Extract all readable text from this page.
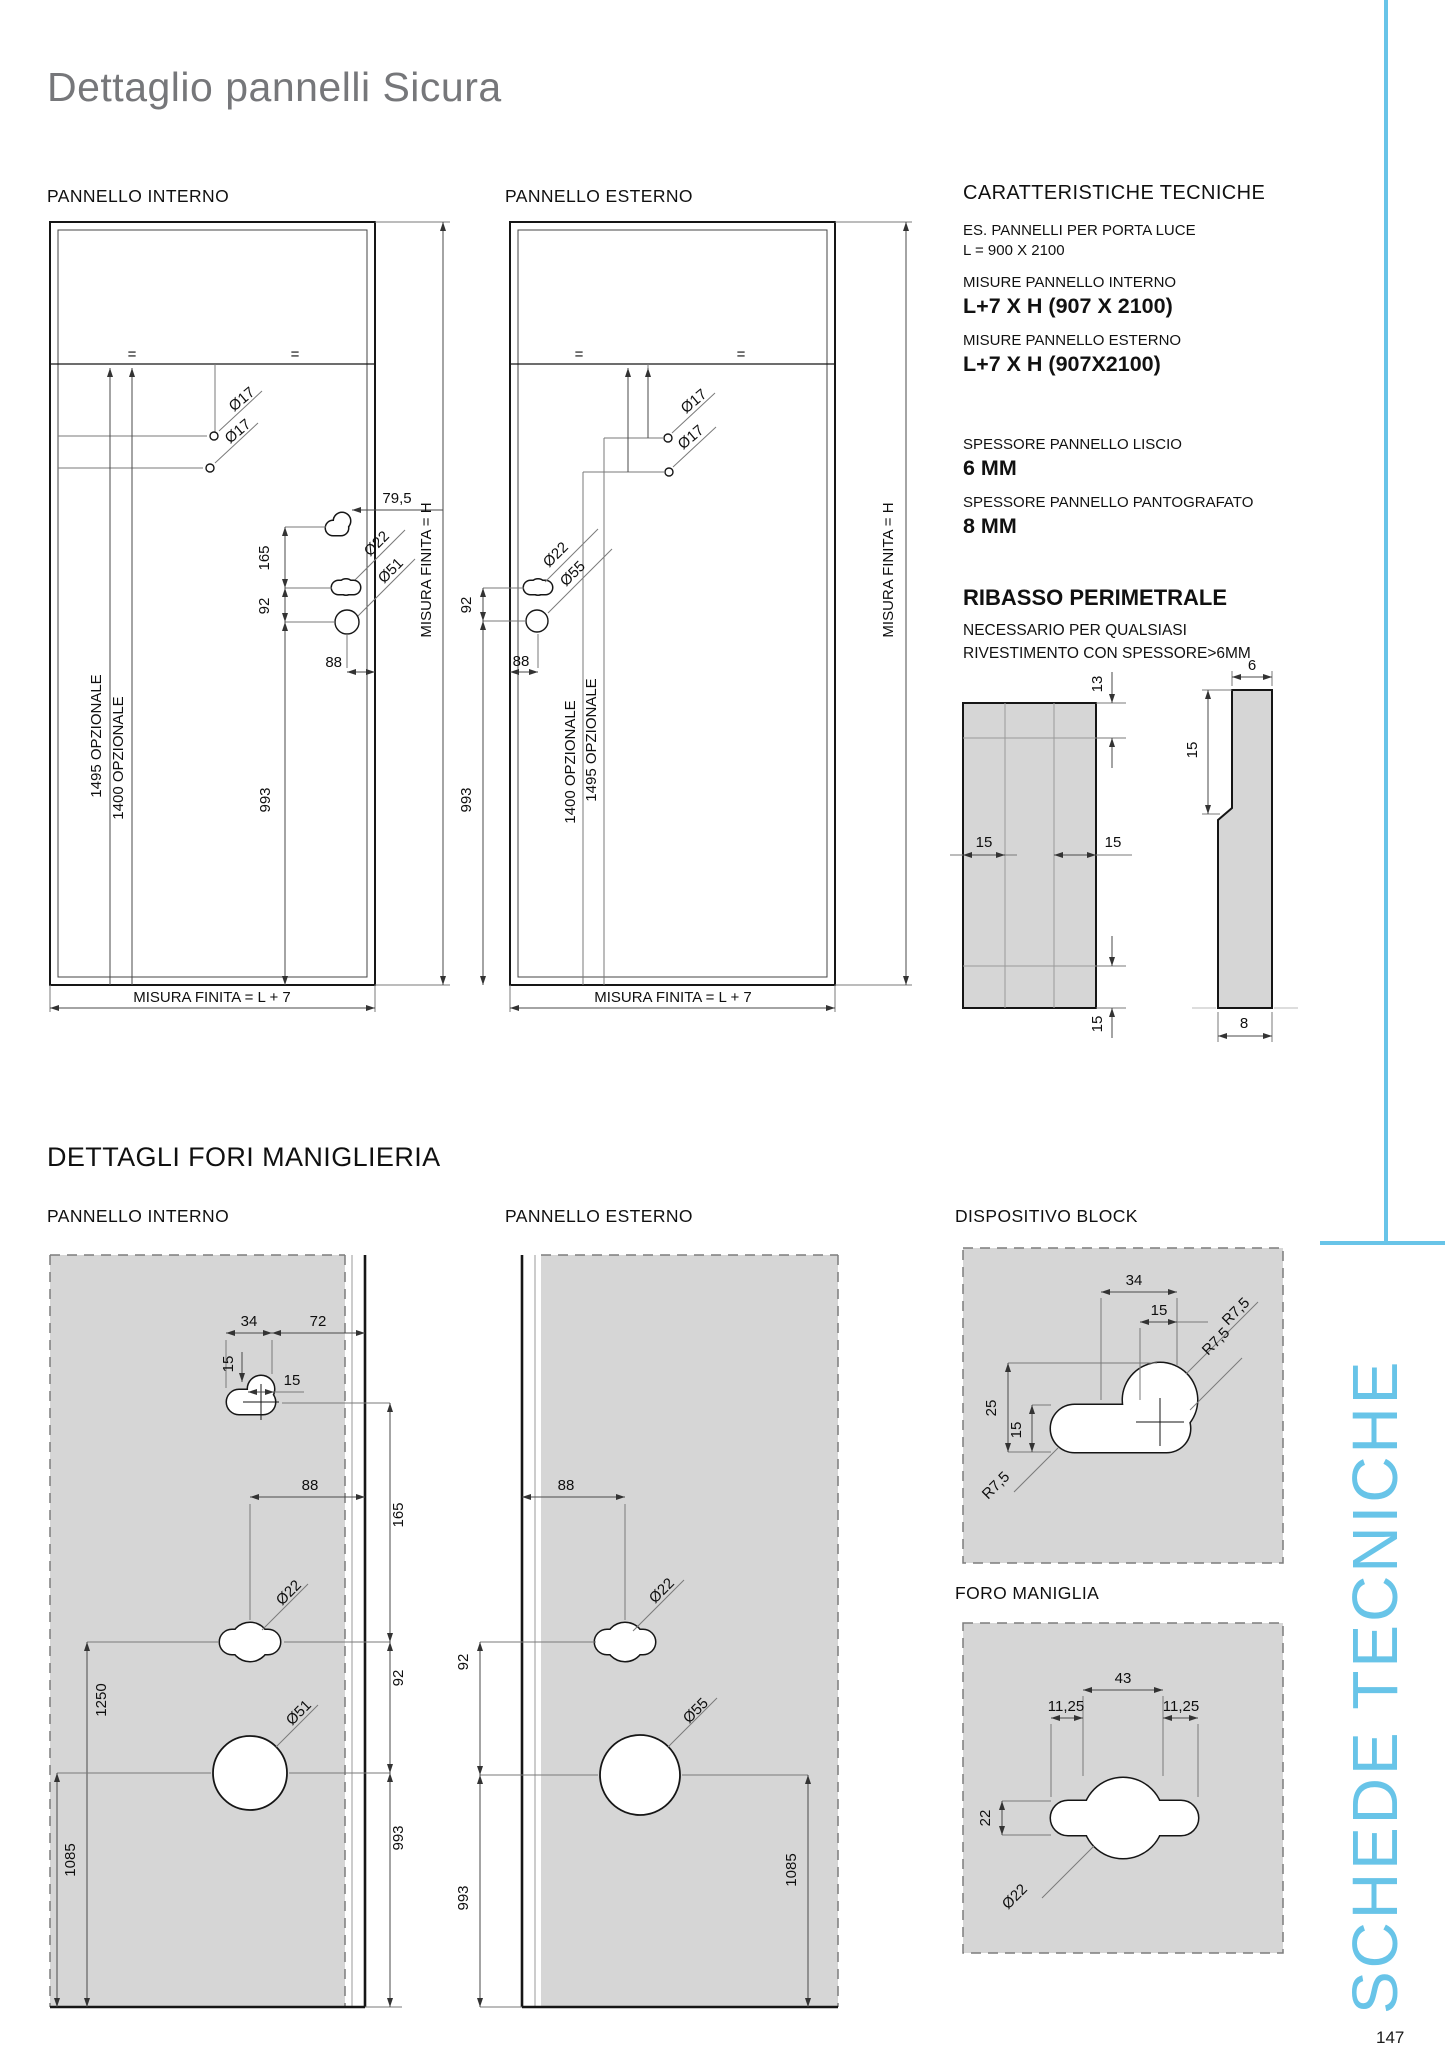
=	=
Ø17
Ø17
79,5
Ø22
Ø51
165
92
993
88
1495 OPZIONALE 1400 OPZIONALE
MISURA FINITA = H
MISURA FINITA = L + 7
=	=
1400 OPZIONALE 1495 OPZIONALE
Ø17
Ø17
Ø22
Ø55
92
993
88
MISURA FINITA = H
MISURA FINITA = L + 7
15	15
13
15
6
15
8
34	72
15
15
88
Ø22
Ø51
1250
1085
165
92
993
Ø22
Ø55
88
92
993
1085
34
15	R7,5
R7,5
R7,5
25
15
43
11,25	11,25
22
Ø22
Dettaglio pannelli Sicura
PANNELLO INTERNO	PANNELLO ESTERNO	CARATTERISTICHE TECNICHE

ES. PANNELLI PER PORTA LUCE

L = 900 X 2100

MISURE PANNELLO INTERNO

L+7 X H (907 X 2100)

MISURE PANNELLO ESTERNO

L+7 X H (907X2100)

SPESSORE PANNELLO LISCIO

6 MM

SPESSORE PANNELLO PANTOGRAFATO

8 MM

RIBASSO PERIMETRALE

NECESSARIO PER QUALSIASI

RIVESTIMENTO CON SPESSORE>6MM

DETTAGLI FORI MANIGLIERIA
PANNELLO INTERNO	PANNELLO ESTERNO	DISPOSITIVO BLOCK
FORO MANIGLIA	SCHEDE TECNICHE
147
